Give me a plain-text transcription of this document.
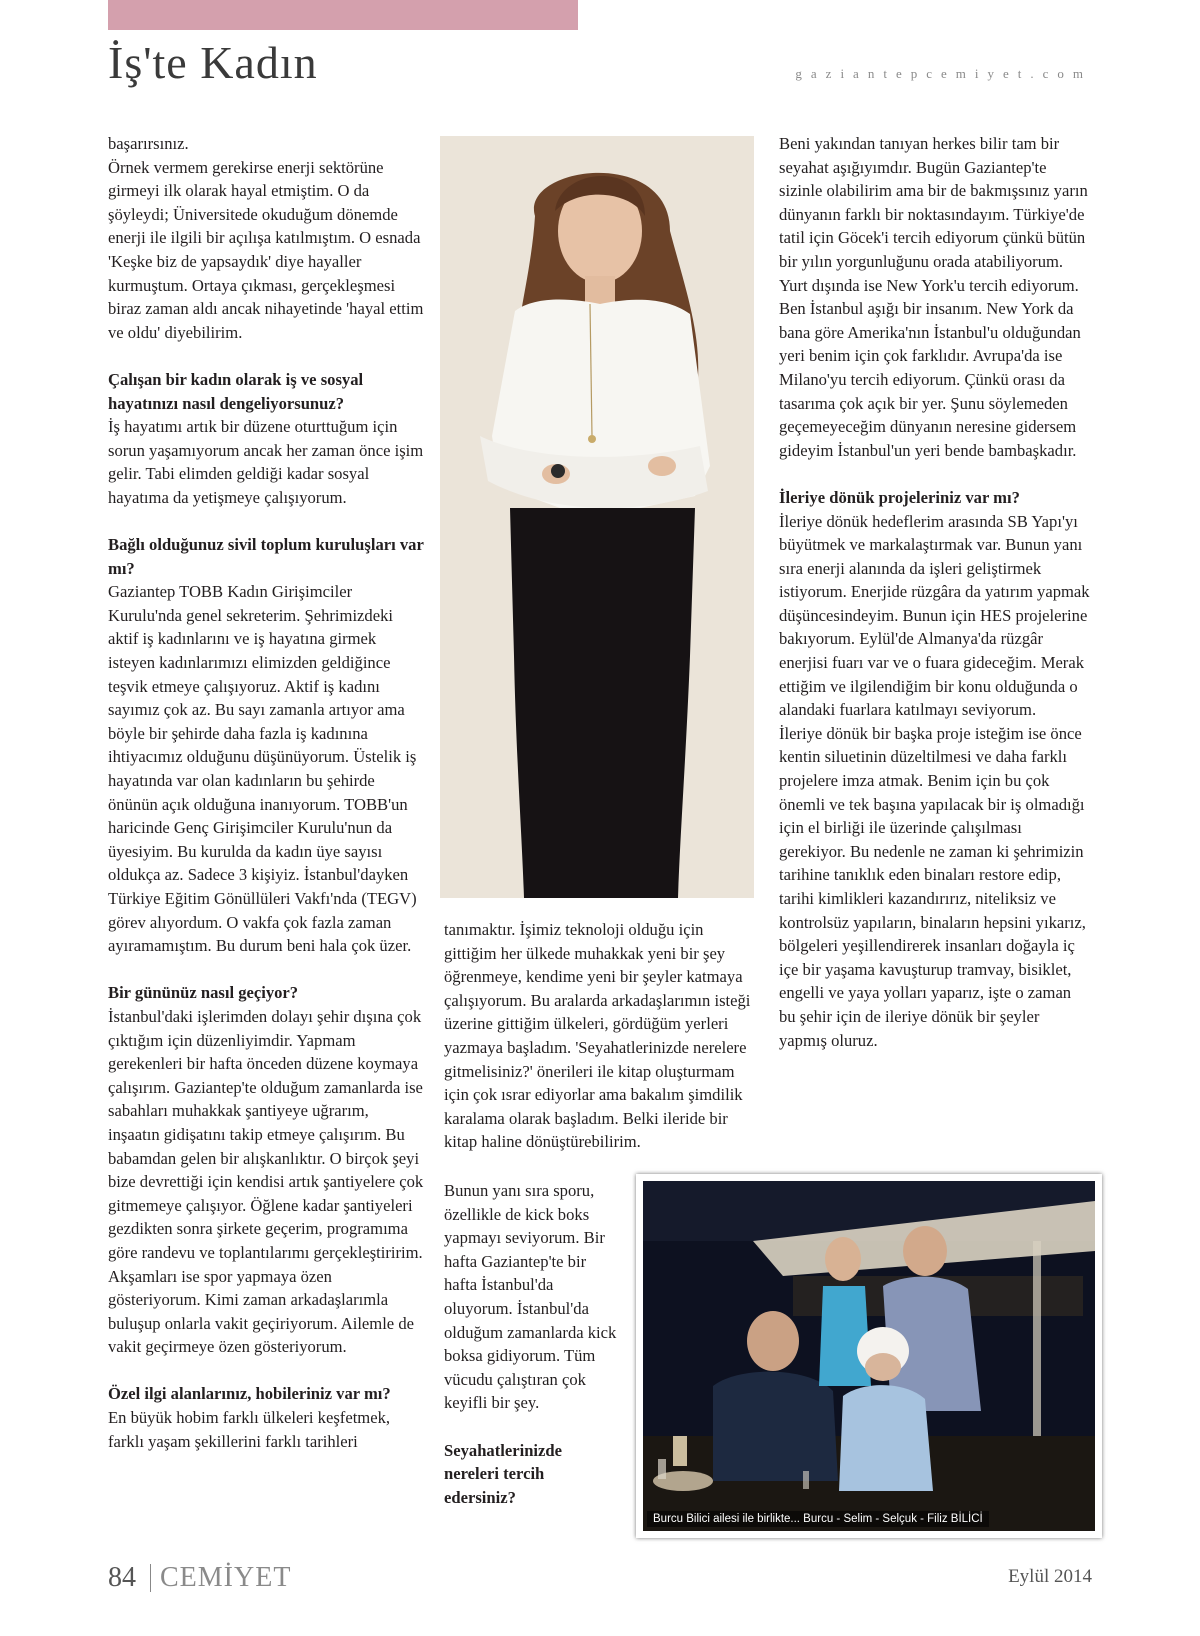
İş'te Kadın	gaziantepcemiyet.com

başarırsınız.

Örnek vermem gerekirse enerji sektörüne girmeyi ilk olarak hayal etmiştim. O da şöyleydi; Üniversitede okuduğum dönemde enerji ile ilgili bir açılışa katılmıştım. O esnada 'Keşke biz de yapsaydık' diye hayaller kurmuştum. Ortaya çıkması, gerçekleşmesi biraz zaman aldı ancak nihayetinde 'hayal ettim ve oldu' diyebilirim.

Çalışan bir kadın olarak iş ve sosyal hayatınızı nasıl dengeliyorsunuz?

İş hayatımı artık bir düzene oturttuğum için sorun yaşamıyorum ancak her zaman önce işim gelir. Tabi elimden geldiği kadar sosyal hayatıma da yetişmeye çalışıyorum.

Bağlı olduğunuz sivil toplum kuruluşları var mı?

Gaziantep TOBB Kadın Girişimciler Kurulu'nda genel sekreterim. Şehrimizdeki aktif iş kadınlarını ve iş hayatına girmek isteyen kadınlarımızı elimizden geldiğince teşvik etmeye çalışıyoruz. Aktif iş kadını sayımız çok az. Bu sayı zamanla artıyor ama böyle bir şehirde daha fazla iş kadınına ihtiyacımız olduğunu düşünüyorum. Üstelik iş hayatında var olan kadınların bu şehirde önünün açık olduğuna inanıyorum. TOBB'un haricinde Genç Girişimciler Kurulu'nun da üyesiyim. Bu kurulda da kadın üye sayısı oldukça az. Sadece 3 kişiyiz. İstanbul'dayken Türkiye Eğitim Gönüllüleri Vakfı'nda (TEGV) görev alıyordum. O vakfa çok fazla zaman ayıramamıştım. Bu durum beni hala çok üzer.

Bir gününüz nasıl geçiyor?

İstanbul'daki işlerimden dolayı şehir dışına çok çıktığım için düzenliyimdir. Yapmam gerekenleri bir hafta önceden düzene koymaya çalışırım. Gaziantep'te olduğum zamanlarda ise sabahları muhakkak şantiyeye uğrarım, inşaatın gidişatını takip etmeye çalışırım. Bu babamdan gelen bir alışkanlıktır. O birçok şeyi bize devrettiği için kendisi artık şantiyelere çok gitmemeye çalışıyor. Öğlene kadar şantiyeleri gezdikten sonra şirkete geçerim, programıma göre randevu ve toplantılarımı gerçekleştiririm. Akşamları ise spor yapmaya özen gösteriyorum. Kimi zaman arkadaşlarımla buluşup onlarla vakit geçiriyorum. Ailemle de vakit geçirmeye özen gösteriyorum.

Özel ilgi alanlarınız, hobileriniz var mı?

En büyük hobim farklı ülkeleri keşfetmek, farklı yaşam şekillerini farklı tarihleri

tanımaktır. İşimiz teknoloji olduğu için gittiğim her ülkede muhakkak yeni bir şey öğrenmeye, kendime yeni bir şeyler katmaya çalışıyorum. Bu aralarda arkadaşlarımın isteği üzerine gittiğim ülkeleri, gördüğüm yerleri yazmaya başladım. 'Seyahatlerinizde nerelere gitmelisiniz?' önerileri ile kitap oluşturmam için çok ısrar ediyorlar ama bakalım şimdilik karalama olarak başladım. Belki ileride bir kitap haline dönüştürebilirim.

Bunun yanı sıra sporu, özellikle de kick boks yapmayı seviyorum. Bir hafta Gaziantep'te bir hafta İstanbul'da oluyorum. İstanbul'da olduğum zamanlarda kick boksa gidiyorum. Tüm vücudu çalıştıran çok keyifli bir şey.

Seyahatlerinizde nereleri tercih edersiniz?

Beni yakından tanıyan herkes bilir tam bir seyahat aşığıyımdır. Bugün Gaziantep'te sizinle olabilirim ama bir de bakmışsınız yarın dünyanın farklı bir noktasındayım. Türkiye'de tatil için Göcek'i tercih ediyorum çünkü bütün bir yılın yorgunluğunu orada atabiliyorum. Yurt dışında ise New York'u tercih ediyorum. Ben İstanbul aşığı bir insanım. New York da bana göre Amerika'nın İstanbul'u olduğundan yeri benim için çok farklıdır. Avrupa'da ise Milano'yu tercih ediyorum. Çünkü orası da tasarıma çok açık bir yer. Şunu söylemeden geçemeyeceğim dünyanın neresine gidersem gideyim İstanbul'un yeri bende bambaşkadır.

İleriye dönük projeleriniz var mı?

İleriye dönük hedeflerim arasında SB Yapı'yı büyütmek ve markalaştırmak var. Bunun yanı sıra enerji alanında da işleri geliştirmek istiyorum. Enerjide rüzgâra da yatırım yapmak düşüncesindeyim. Bunun için HES projelerine bakıyorum. Eylül'de Almanya'da rüzgâr enerjisi fuarı var ve o fuara gideceğim. Merak ettiğim ve ilgilendiğim bir konu olduğunda o alandaki fuarlara katılmayı seviyorum.

İleriye dönük bir başka proje isteğim ise önce kentin siluetinin düzeltilmesi ve daha farklı projelere imza atmak. Benim için bu çok önemli ve tek başına yapılacak bir iş olmadığı için el birliği ile üzerinde çalışılması gerekiyor. Bu nedenle ne zaman ki şehrimizin tarihine tanıklık eden binaları restore edip, tarihi kimlikleri kazandırırız, niteliksiz ve kontrolsüz yapıların, binaların hepsini yıkarız, bölgeleri yeşillendirerek insanları doğayla iç içe bir yaşama kavuşturup tramvay, bisiklet, engelli ve yaya yolları yaparız, işte o zaman bu şehir için de ileriye dönük bir şeyler yapmış oluruz.

Burcu Bilici ailesi ile birlikte... Burcu - Selim - Selçuk - Filiz BİLİCİ
84 CEMİYET	Eylül 2014
